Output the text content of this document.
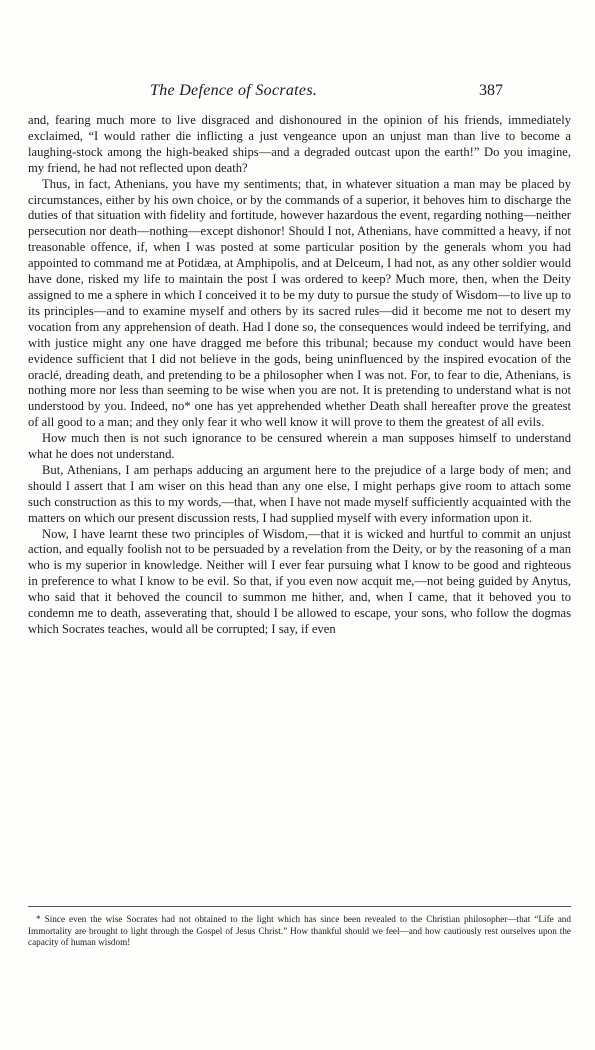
The Defence of Socrates.	387

and, fearing much more to live disgraced and dishonoured in the opinion of his friends, immediately exclaimed, “I would rather die inflicting a just vengeance upon an unjust man than live to become a laughing-stock among the high-beaked ships—and a degraded outcast upon the earth!” Do you imagine, my friend, he had not reflected upon death?

Thus, in fact, Athenians, you have my sentiments; that, in whatever situation a man may be placed by circumstances, either by his own choice, or by the commands of a superior, it behoves him to discharge the duties of that situation with fidelity and fortitude, however hazardous the event, regarding nothing—neither persecution nor death—nothing—except dishonor! Should I not, Athenians, have committed a heavy, if not treasonable offence, if, when I was posted at some particular position by the generals whom you had appointed to command me at Potidæa, at Amphipolis, and at Delceum, I had not, as any other soldier would have done, risked my life to maintain the post I was ordered to keep? Much more, then, when the Deity assigned to me a sphere in which I conceived it to be my duty to pursue the study of Wisdom—to live up to its principles—and to examine myself and others by its sacred rules—did it become me not to desert my vocation from any apprehension of death. Had I done so, the consequences would indeed be terrifying, and with justice might any one have dragged me before this tribunal; because my conduct would have been evidence sufficient that I did not believe in the gods, being uninfluenced by the inspired evocation of the oraclé, dreading death, and pretending to be a philosopher when I was not. For, to fear to die, Athenians, is nothing more nor less than seeming to be wise when you are not. It is pretending to understand what is not understood by you. Indeed, no* one has yet apprehended whether Death shall hereafter prove the greatest of all good to a man; and they only fear it who well know it will prove to them the greatest of all evils.

How much then is not such ignorance to be censured wherein a man supposes himself to understand what he does not understand.

But, Athenians, I am perhaps adducing an argument here to the prejudice of a large body of men; and should I assert that I am wiser on this head than any one else, I might perhaps give room to attach some such construction as this to my words,—that, when I have not made myself sufficiently acquainted with the matters on which our present discussion rests, I had supplied myself with every information upon it.

Now, I have learnt these two principles of Wisdom,—that it is wicked and hurtful to commit an unjust action, and equally foolish not to be persuaded by a revelation from the Deity, or by the reasoning of a man who is my superior in knowledge. Neither will I ever fear pursuing what I know to be good and righteous in preference to what I know to be evil. So that, if you even now acquit me,—not being guided by Anytus, who said that it behoved the council to summon me hither, and, when I came, that it behoved you to condemn me to death, asseverating that, should I be allowed to escape, your sons, who follow the dogmas which Socrates teaches, would all be corrupted; I say, if even

* Since even the wise Socrates had not obtained to the light which has since been revealed to the Christian philosopher—that “Life and Immortality are brought to light through the Gospel of Jesus Christ.” How thankful should we feel—and how cautiously rest ourselves upon the capacity of human wisdom!
